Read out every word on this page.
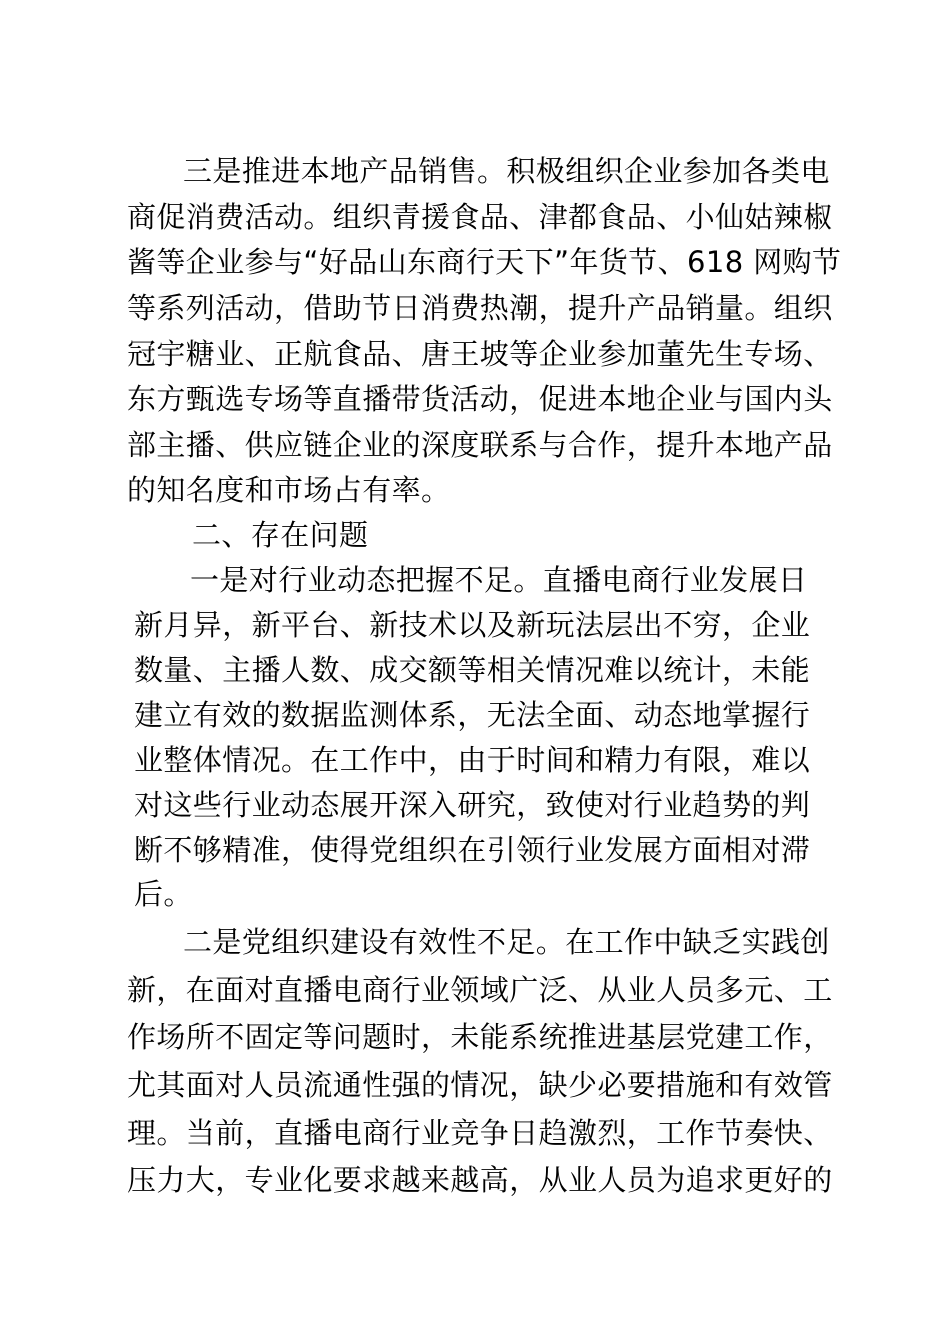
三是推进本地产品销售。积极组织企业参加各类电

商促消费活动。组织青援食品、津都食品、小仙姑辣椒

酱等企业参与“好品山东商行天下”年货节、618 网购节

等系列活动，借助节日消费热潮，提升产品销量。组织

冠宇糖业、正航食品、唐王坡等企业参加董先生专场、

东方甄选专场等直播带货活动，促进本地企业与国内头

部主播、供应链企业的深度联系与合作，提升本地产品

的知名度和市场占有率。

二、存在问题

一是对行业动态把握不足。直播电商行业发展日

新月异，新平台、新技术以及新玩法层出不穷，企业

数量、主播人数、成交额等相关情况难以统计，未能

建立有效的数据监测体系，无法全面、动态地掌握行

业整体情况。在工作中，由于时间和精力有限，难以

对这些行业动态展开深入研究，致使对行业趋势的判

断不够精准，使得党组织在引领行业发展方面相对滞

后。

二是党组织建设有效性不足。在工作中缺乏实践创

新，在面对直播电商行业领域广泛、从业人员多元、工

作场所不固定等问题时，未能系统推进基层党建工作，

尤其面对人员流通性强的情况，缺少必要措施和有效管

理。当前，直播电商行业竞争日趋激烈，工作节奏快、

压力大，专业化要求越来越高，从业人员为追求更好的
